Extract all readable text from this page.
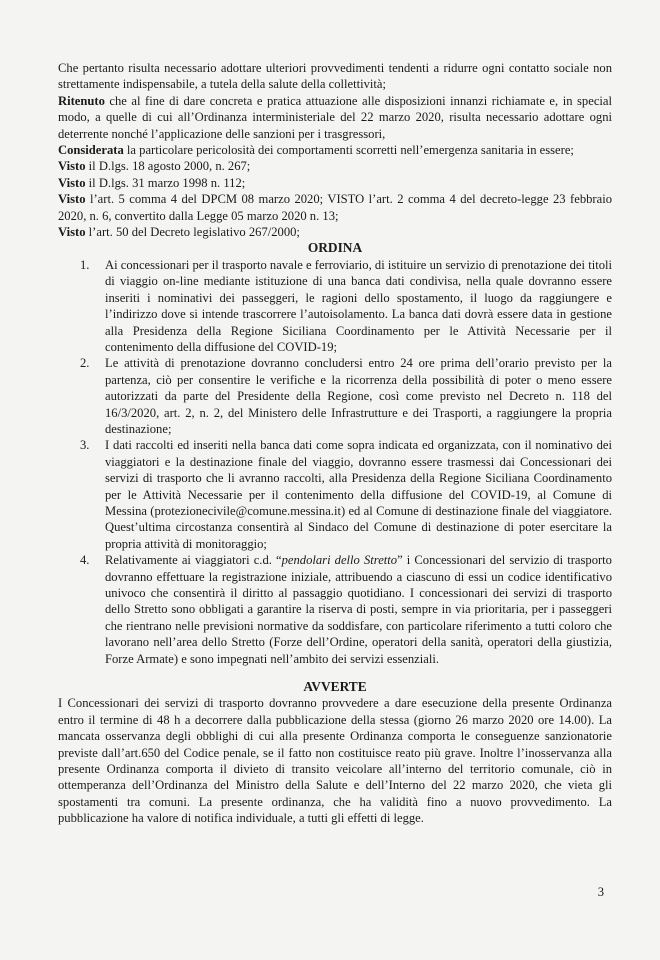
Che pertanto risulta necessario adottare ulteriori provvedimenti tendenti a ridurre ogni contatto sociale non strettamente indispensabile, a tutela della salute della collettività;

Ritenuto che al fine di dare concreta e pratica attuazione alle disposizioni innanzi richiamate e, in special modo, a quelle di cui all’Ordinanza interministeriale del 22 marzo 2020, risulta necessario adottare ogni deterrente nonché l’applicazione delle sanzioni per i trasgressori,

Considerata la particolare pericolosità dei comportamenti scorretti nell’emergenza sanitaria in essere;

Visto il D.lgs. 18 agosto 2000, n. 267;

Visto il D.lgs. 31 marzo 1998 n. 112;

Visto l’art. 5 comma 4 del DPCM 08 marzo 2020; VISTO l’art. 2 comma 4 del decreto-legge 23 febbraio 2020, n. 6, convertito dalla Legge 05 marzo 2020 n. 13;

Visto l’art. 50 del Decreto legislativo 267/2000;

ORDINA

1. Ai concessionari per il trasporto navale e ferroviario, di istituire un servizio di prenotazione dei titoli di viaggio on-line mediante istituzione di una banca dati condivisa, nella quale dovranno essere inseriti i nominativi dei passeggeri, le ragioni dello spostamento, il luogo da raggiungere e l’indirizzo dove si intende trascorrere l’autoisolamento. La banca dati dovrà essere data in gestione alla Presidenza della Regione Siciliana Coordinamento per le Attività Necessarie per il contenimento della diffusione del COVID-19;
2. Le attività di prenotazione dovranno concludersi entro 24 ore prima dell’orario previsto per la partenza, ciò per consentire le verifiche e la ricorrenza della possibilità di poter o meno essere autorizzati da parte del Presidente della Regione, così come previsto nel Decreto n. 118 del 16/3/2020, art. 2, n. 2, del Ministero delle Infrastrutture e dei Trasporti, a raggiungere la propria destinazione;
3. I dati raccolti ed inseriti nella banca dati come sopra indicata ed organizzata, con il nominativo dei viaggiatori e la destinazione finale del viaggio, dovranno essere trasmessi dai Concessionari dei servizi di trasporto che li avranno raccolti, alla Presidenza della Regione Siciliana Coordinamento per le Attività Necessarie per il contenimento della diffusione del COVID-19, al Comune di Messina (protezionecivile@comune.messina.it) ed al Comune di destinazione finale del viaggiatore. Quest’ultima circostanza consentirà al Sindaco del Comune di destinazione di poter esercitare la propria attività di monitoraggio;
4. Relativamente ai viaggiatori c.d. “pendolari dello Stretto” i Concessionari del servizio di trasporto dovranno effettuare la registrazione iniziale, attribuendo a ciascuno di essi un codice identificativo univoco che consentirà il diritto al passaggio quotidiano. I concessionari dei servizi di trasporto dello Stretto sono obbligati a garantire la riserva di posti, sempre in via prioritaria, per i passeggeri che rientrano nelle previsioni normative da soddisfare, con particolare riferimento a tutti coloro che lavorano nell’area dello Stretto (Forze dell’Ordine, operatori della sanità, operatori della giustizia, Forze Armate) e sono impegnati nell’ambito dei servizi essenziali.

AVVERTE

I Concessionari dei servizi di trasporto dovranno provvedere a dare esecuzione della presente Ordinanza entro il termine di 48 h a decorrere dalla pubblicazione della stessa (giorno 26 marzo 2020 ore 14.00). La mancata osservanza degli obblighi di cui alla presente Ordinanza comporta le conseguenze sanzionatorie previste dall’art.650 del Codice penale, se il fatto non costituisce reato più grave. Inoltre l’inosservanza alla presente Ordinanza comporta il divieto di transito veicolare all’interno del territorio comunale, ciò in ottemperanza dell’Ordinanza del Ministro della Salute e dell’Interno del 22 marzo 2020, che vieta gli spostamenti tra comuni. La presente ordinanza, che ha validità fino a nuovo provvedimento. La pubblicazione ha valore di notifica individuale, a tutti gli effetti di legge.

3
